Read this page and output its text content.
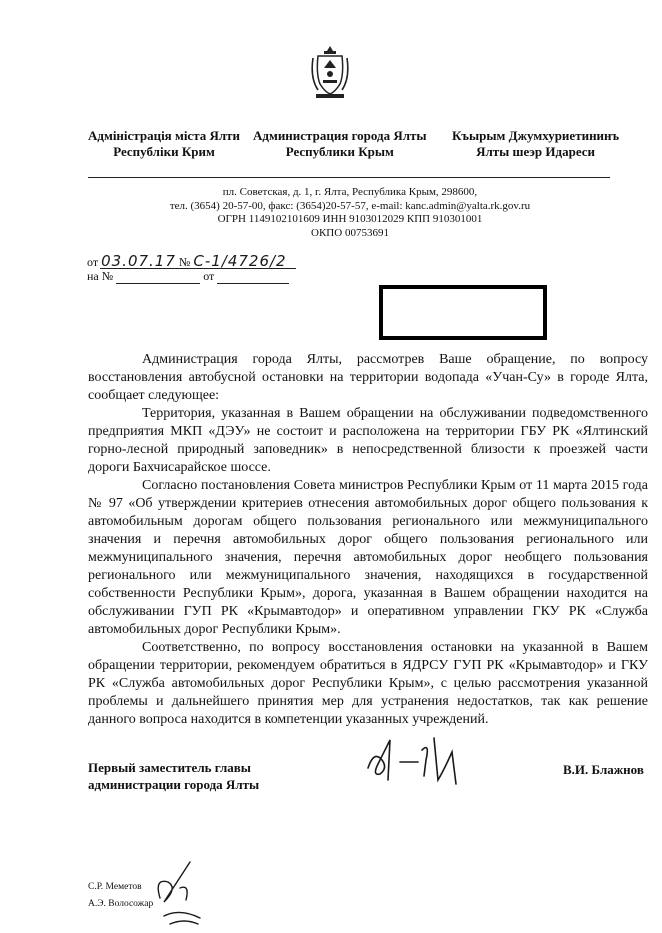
Адміністрація міста Ялти
Республіки Крим
Администрация города Ялты
Республики Крым
Къырым Джумхуриетининъ
Ялты шеэр Идареси
пл. Советская, д. 1, г. Ялта, Республика Крым, 298600,
тел. (3654) 20-57-00, факс: (3654)20-57-57, e-mail: kanc.admin@yalta.rk.gov.ru
ОГРН 1149102101609 ИНН 9103012029 КПП 910301001
ОКПО 00753691
от 03.07.17 № С-1/4726/2
на №	от

Администрация города Ялты, рассмотрев Ваше обращение, по вопросу восстановления автобусной остановки на территории водопада «Учан-Су» в городе Ялта, сообщает следующее:

Территория, указанная в Вашем обращении на обслуживании подведомственного предприятия МКП «ДЭУ» не состоит и расположена на территории ГБУ РК «Ялтинский горно-лесной природный заповедник» в непосредственной близости к проезжей части дороги Бахчисарайское шоссе.

Согласно постановления Совета министров Республики Крым от 11 марта 2015 года № 97 «Об утверждении критериев отнесения автомобильных дорог общего пользования к автомобильным дорогам общего пользования регионального или межмуниципального значения и перечня автомобильных дорог общего пользования регионального или межмуниципального значения, перечня автомобильных дорог необщего пользования регионального или межмуниципального значения, находящихся в государственной собственности Республики Крым», дорога, указанная в Вашем обращении находится на обслуживании ГУП РК «Крымавтодор» и оперативном управлении ГКУ РК «Служба автомобильных дорог Республики Крым».

Соответственно, по вопросу восстановления остановки на указанной в Вашем обращении территории, рекомендуем обратиться в ЯДРСУ ГУП РК «Крымавтодор» и ГКУ РК «Служба автомобильных дорог Республики Крым», с целью рассмотрения указанной проблемы и дальнейшего принятия мер для устранения недостатков, так как решение данного вопроса находится в компетенции указанных учреждений.

Первый заместитель главы
администрации города Ялты
В.И. Блажнов
С.Р. Меметов
А.Э. Волосожар
